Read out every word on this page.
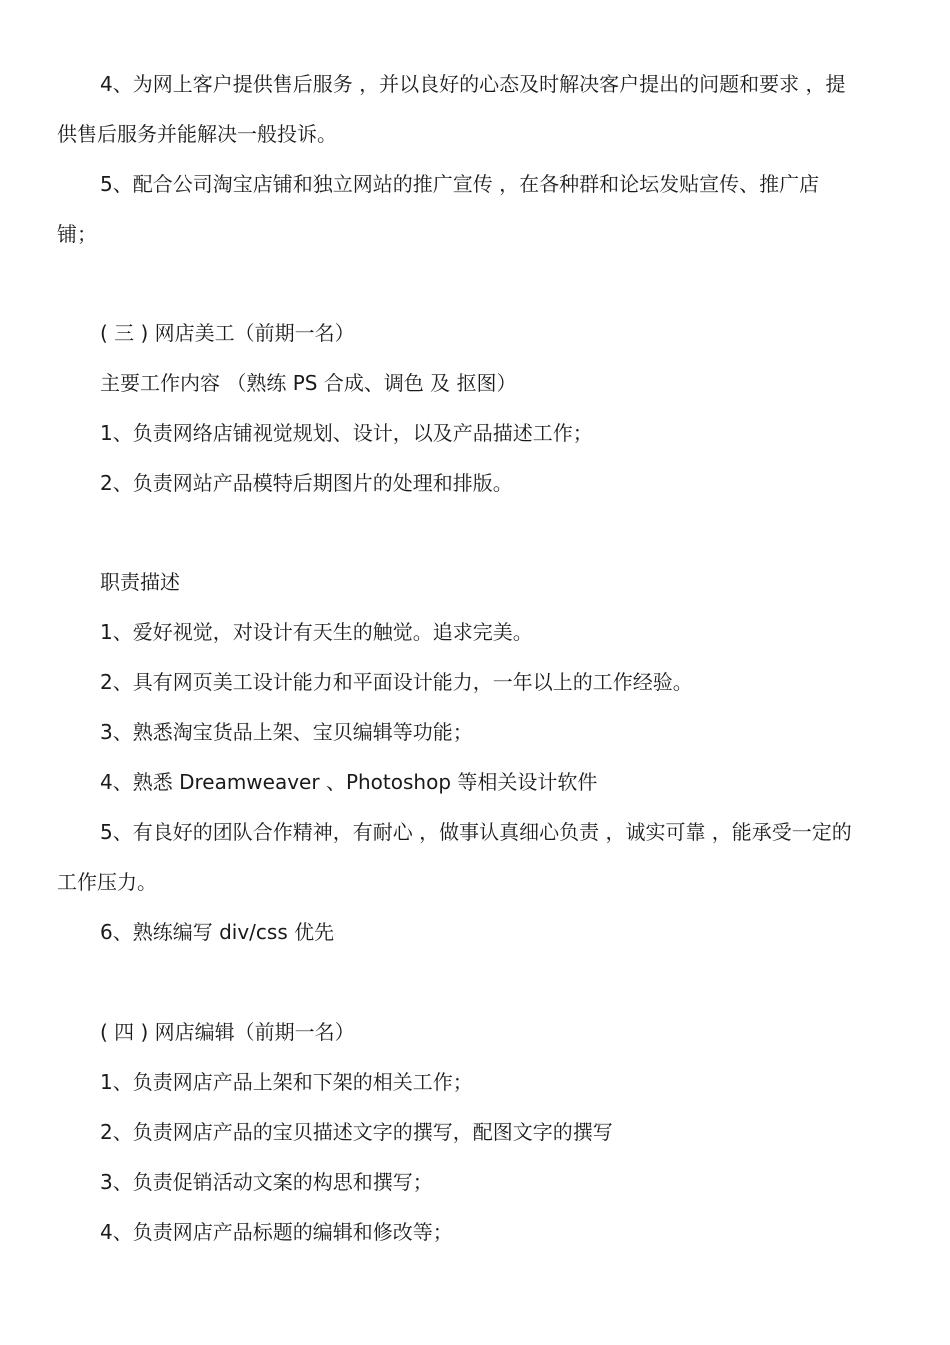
4、为网上客户提供售后服务 ，并以良好的心态及时解决客户提出的问题和要求 ，提
供售后服务并能解决一般投诉。
5、配合公司淘宝店铺和独立网站的推广宣传 ，在各种群和论坛发贴宣传、推广店
铺；
( 三 ) 网店美工（前期一名）
主要工作内容 （熟练 PS 合成、调色 及 抠图）
1、负责网络店铺视觉规划、设计，以及产品描述工作；
2、负责网站产品模特后期图片的处理和排版。
职责描述
1、爱好视觉，对设计有天生的触觉。追求完美。
2、具有网页美工设计能力和平面设计能力，一年以上的工作经验。
3、熟悉淘宝货品上架、宝贝编辑等功能；
4、熟悉 Dreamweaver 、Photoshop 等相关设计软件
5、有良好的团队合作精神，有耐心 ，做事认真细心负责 ，诚实可靠 ，能承受一定的
工作压力。
6、熟练编写 div/css 优先
( 四 ) 网店编辑（前期一名）
1、负责网店产品上架和下架的相关工作；
2、负责网店产品的宝贝描述文字的撰写，配图文字的撰写
3、负责促销活动文案的构思和撰写；
4、负责网店产品标题的编辑和修改等；
